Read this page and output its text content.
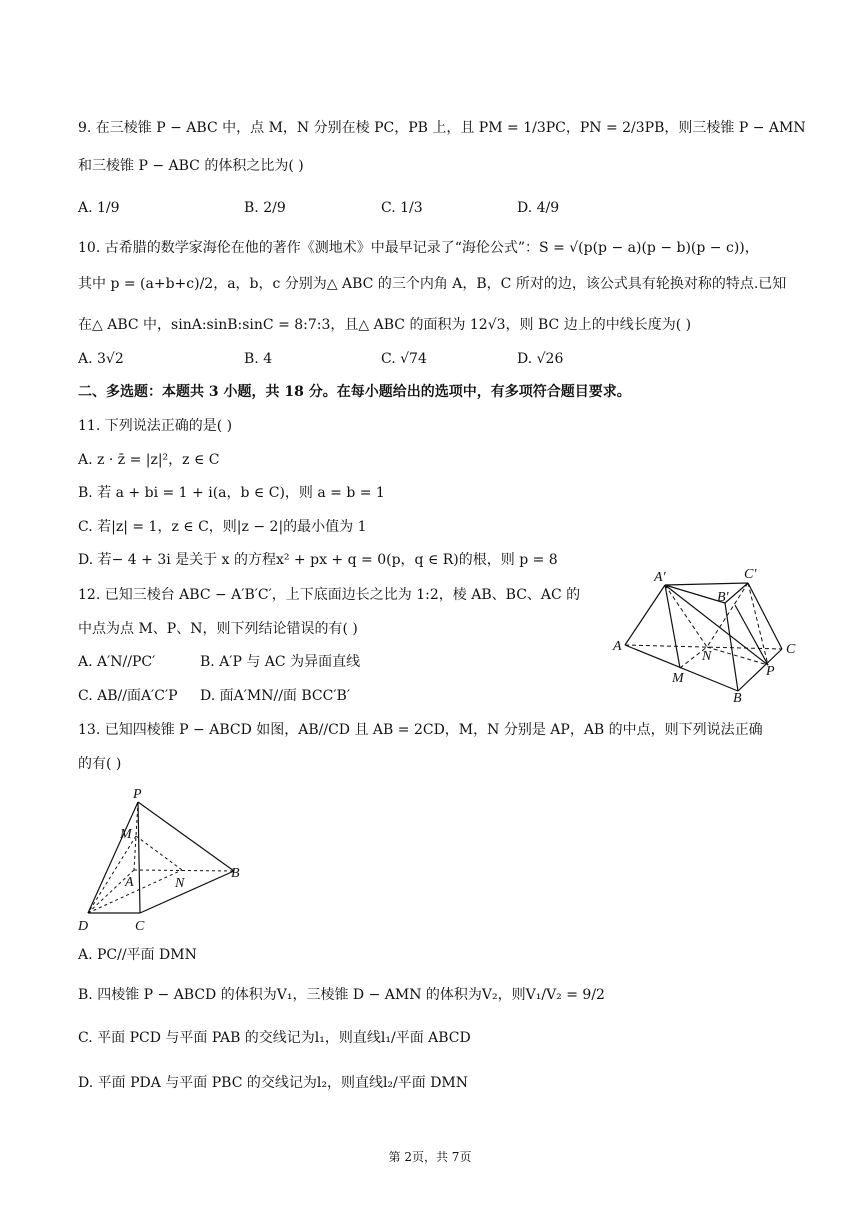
9. 在三棱锥 P − ABC 中，点 M，N 分别在棱 PC，PB 上，且 PM = 1/3PC，PN = 2/3PB，则三棱锥 P − AMN
和三棱锥 P − ABC 的体积之比为( )
A. 1/9	B. 2/9	C. 1/3	D. 4/9
10. 古希腊的数学家海伦在他的著作《测地术》中最早记录了“海伦公式”：S = √(p(p − a)(p − b)(p − c))，
其中 p = (a+b+c)/2，a，b，c 分别为△ ABC 的三个内角 A，B，C 所对的边，该公式具有轮换对称的特点.已知
在△ ABC 中，sinA:sinB:sinC = 8:7:3，且△ ABC 的面积为 12√3，则 BC 边上的中线长度为( )
A. 3√2	B. 4	C. √74	D. √26
二、多选题：本题共 3 小题，共 18 分。在每小题给出的选项中，有多项符合题目要求。
11. 下列说法正确的是( )
A. z · z̄ = |z|²，z ∈ C
B. 若 a + bi = 1 + i(a，b ∈ C)，则 a = b = 1
C. 若|z| = 1，z ∈ C，则|z − 2|的最小值为 1
D. 若− 4 + 3i 是关于 x 的方程x² + px + q = 0(p，q ∈ R)的根，则 p = 8
12. 已知三棱台 ABC − A′B′C′，上下底面边长之比为 1:2，棱 AB、BC、AC 的
中点为点 M、P、N，则下列结论错误的有( )
A. A′N//PC′	B. A′P 与 AC 为异面直线
C. AB//面A′C′P D. 面A′MN//面 BCC′B′
A′	C′
B′
A	C
N
M	P
B
13. 已知四棱锥 P − ABCD 如图，AB//CD 且 AB = 2CD，M，N 分别是 AP，AB 的中点，则下列说法正确
的有( )
P
M
A	N
B
D	C
A. PC//平面 DMN
B. 四棱锥 P − ABCD 的体积为V₁，三棱锥 D − AMN 的体积为V₂，则V₁/V₂ = 9/2
C. 平面 PCD 与平面 PAB 的交线记为l₁，则直线l₁/平面 ABCD
D. 平面 PDA 与平面 PBC 的交线记为l₂，则直线l₂/平面 DMN
第 2页，共 7页
